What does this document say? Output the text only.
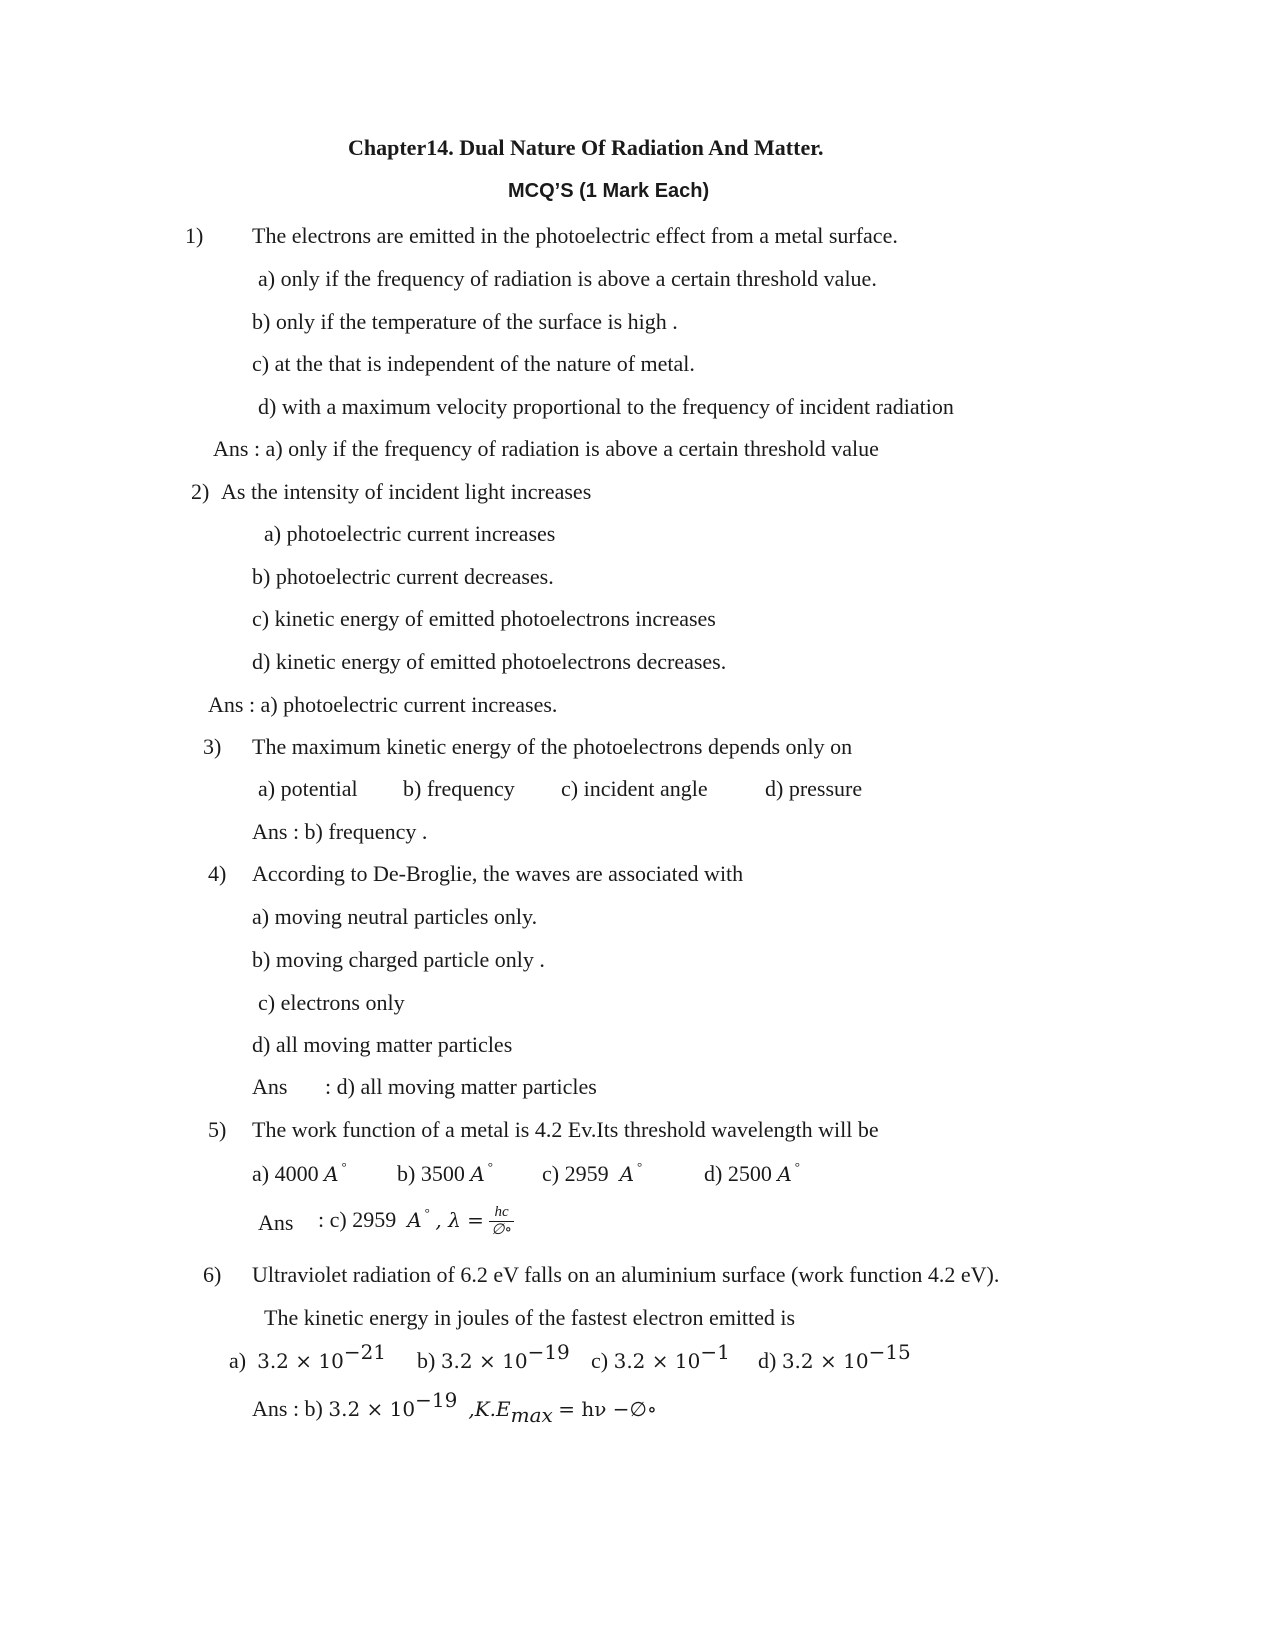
Chapter14. Dual Nature Of Radiation And Matter.
MCQ’S (1 Mark Each)
1) The electrons are emitted in the photoelectric effect from a metal surface.
a) only if the frequency of radiation is above a certain threshold value.
b) only if the temperature of the surface is high .
c) at the that is independent of the nature of metal.
d) with a maximum velocity proportional to the frequency of incident radiation
Ans : a) only if the frequency of radiation is above a certain threshold value
2) As the intensity of incident light increases
a) photoelectric current increases
b) photoelectric current decreases.
c) kinetic energy of emitted photoelectrons increases
d) kinetic energy of emitted photoelectrons decreases.
Ans : a) photoelectric current increases.
3) The maximum kinetic energy of the photoelectrons depends only on
a) potential b) frequency c) incident angle	d) pressure
Ans : b) frequency .
4) According to De-Broglie, the waves are associated with
a) moving neutral particles only.
b) moving charged particle only .
c) electrons only
d) all moving matter particles
Ans : d) all moving matter particles
5) The work function of a metal is 4.2 Ev.Its threshold wavelength will be
a) 4000 A ° b) 3500 A ° c) 2959 A °	d) 2500 A °
Ans : c) 2959 A ° , $\lambda = \frac{hc}{\emptyset\circ}$
6) Ultraviolet radiation of 6.2 eV falls on an aluminium surface (work function 4.2 eV).
The kinetic energy in joules of the fastest electron emitted is
a) $3.2 \times 10^{-21}$ b) $3.2 \times 10^{-19}$ c) $3.2 \times 10^{-1}$ d) $3.2 \times 10^{-15}$
Ans : b) $3.2 \times 10^{-19}$ $,K.E_{max} = h\nu$ −∅∘
